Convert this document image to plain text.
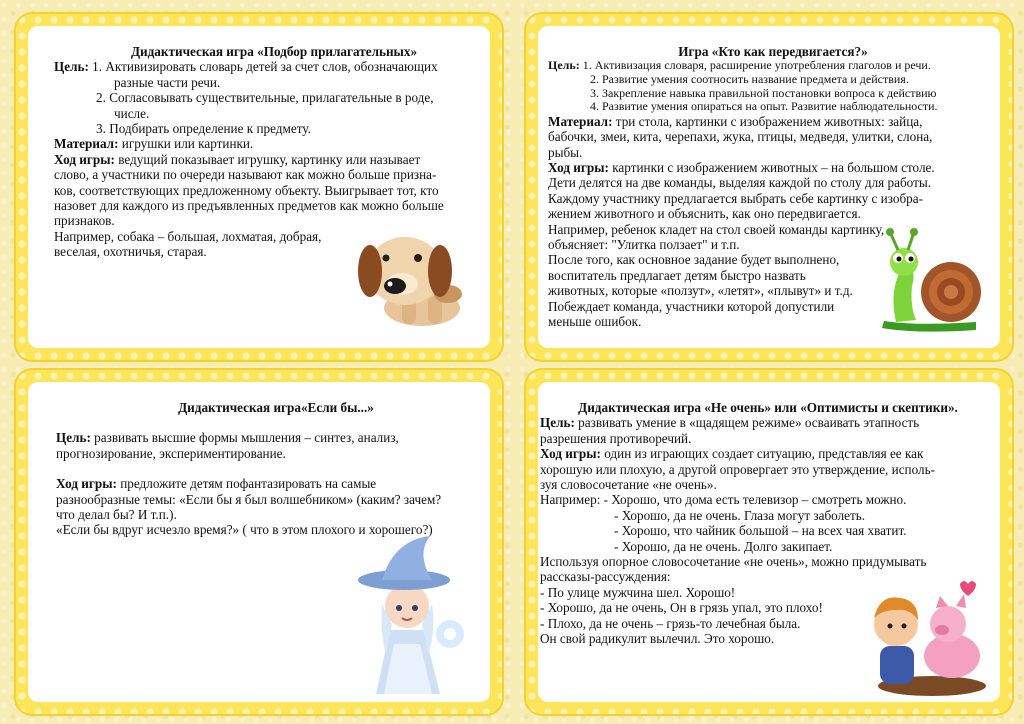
Дидактическая игра «Подбор прилагательных»
Цель: 1. Активизировать словарь детей за счет слов, обозначающих
разные части речи.
2. Согласовывать существительные, прилагательные в роде,
числе.
3. Подбирать определение к предмету.
Материал: игрушки или картинки.
Ход игры: ведущий показывает игрушку, картинку или называет
слово, а участники по очереди называют как можно больше призна-
ков, соответствующих предложенному объекту. Выигрывает тот, кто
назовет для каждого из предъявленных предметов как можно больше
признаков.
Например, собака – большая, лохматая, добрая,
веселая, охотничья, старая.
Игра «Кто как передвигается?»
Цель: 1. Активизация словаря, расширение употребления глаголов и речи.
2. Развитие умения соотносить название предмета и действия.
3. Закрепление навыка правильной постановки вопроса к действию
4. Развитие умения опираться на опыт. Развитие наблюдательности.
Материал: три стола, картинки с изображением животных: зайца,
бабочки, змеи, кита, черепахи, жука, птицы, медведя, улитки, слона,
рыбы.
Ход игры: картинки с изображением животных – на большом столе.
Дети делятся на две команды, выделяя каждой по столу для работы.
Каждому участнику предлагается выбрать себе картинку с изобра-
жением животного и объяснить, как оно передвигается.
Например, ребенок кладет на стол своей команды картинку,
объясняет: "Улитка ползает" и т.п.
После того, как основное задание будет выполнено,
воспитатель предлагает детям быстро назвать
животных, которые «ползут», «летят», «плывут» и т.д.
Побеждает команда, участники которой допустили
меньше ошибок.
Дидактическая игра«Если бы...»
Цель: развивать высшие формы мышления – синтез, анализ,
прогнозирование, экспериментирование.
Ход игры: предложите детям пофантазировать на самые
разнообразные темы: «Если бы я был волшебником» (каким? зачем?
что делал бы? И т.п.).
«Если бы вдруг исчезло время?» ( что в этом плохого и хорошего?)
Дидактическая игра «Не очень» или «Оптимисты и скептики».
Цель: развивать умение в «щадящем режиме» осваивать этапность
разрешения противоречий.
Ход игры: один из играющих создает ситуацию, представляя ее как
хорошую или плохую, а другой опровергает это утверждение, исполь-
зуя словосочетание «не очень».
Например: - Хорошо, что дома есть телевизор – смотреть можно.
- Хорошо, да не очень. Глаза могут заболеть.
- Хорошо, что чайник большой – на всех чая хватит.
- Хорошо, да не очень. Долго закипает.
Используя опорное словосочетание «не очень», можно придумывать
рассказы-рассуждения:
- По улице мужчина шел. Хорошо!
- Хорошо, да не очень, Он в грязь упал, это плохо!
- Плохо, да не очень – грязь-то лечебная была.
Он свой радикулит вылечил. Это хорошо.
